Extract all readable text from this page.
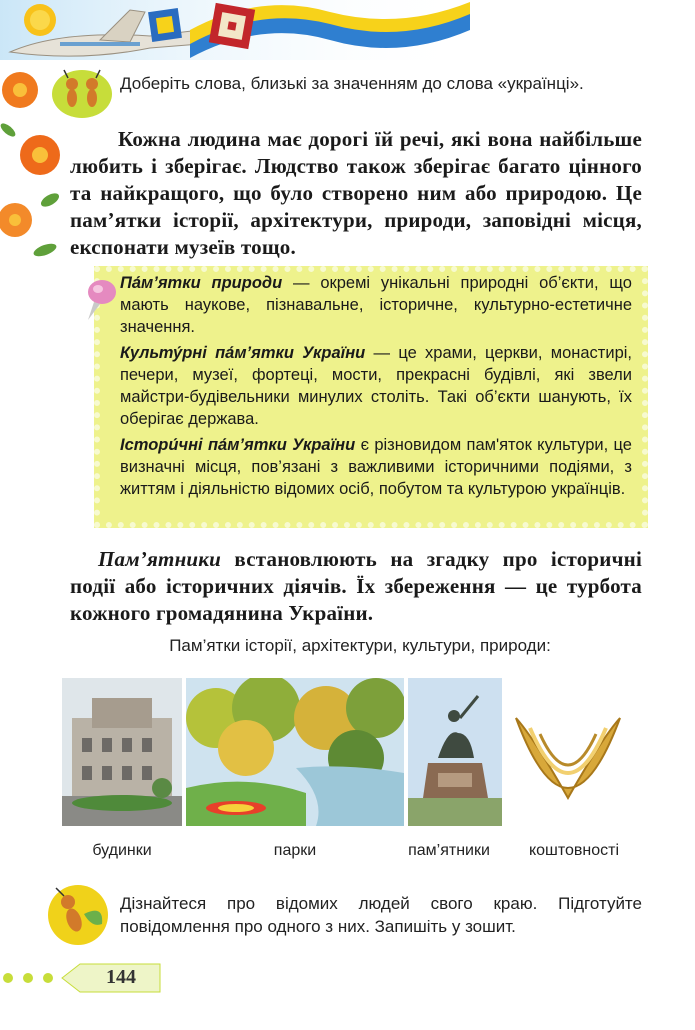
Доберіть слова, близькі за значенням до слова «українці».
Кожна людина має дорогі їй речі, які вона найбільше любить і зберігає. Людство також зберігає багато цінного та найкращого, що було створено ним або природою. Це пам’ятки історії, архітектури, природи, заповідні місця, експонати музеїв тощо.

Па́м’ятки природи — окремі унікальні природні об’єкти, що мають наукове, пізнавальне, історичне, культурно-естетичне значення.

Культу́рні па́м’ятки України — це храми, церкви, монастирі, печери, музеї, фортеці, мости, прекрасні будівлі, які звели майстри-будівельники минулих століть. Такі об’єкти шанують, їх оберігає держава.

Істори́чні па́м’ятки України є різновидом пам'яток культури, це визначні місця, пов’язані з важливими історичними подіями, з життям і діяльністю відомих осіб, побутом та культурою українців.

Пам’ятники встановлюють на згадку про історичні події або історичних діячів. Їх збереження — це турбота кожного громадянина України.
Пам’ятки історії, архітектури, культури, природи:
будинки	парки	пам’ятники	коштовності
Дізнайтеся про відомих людей свого краю. Підготуйте повідомлення про одного з них. Запишіть у зошит.
144
